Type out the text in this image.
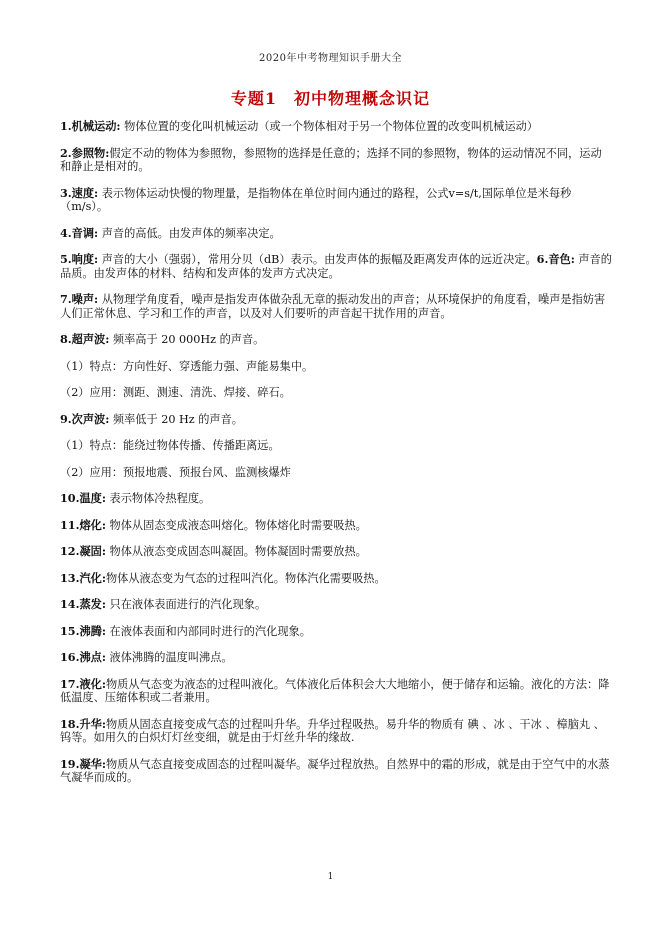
2020年中考物理知识手册大全
专题1　初中物理概念识记
1.机械运动: 物体位置的变化叫机械运动（或一个物体相对于另一个物体位置的改变叫机械运动）
2.参照物:假定不动的物体为参照物，参照物的选择是任意的；选择不同的参照物，物体的运动情况不同，运动和静止是相对的。
3.速度: 表示物体运动快慢的物理量，是指物体在单位时间内通过的路程，公式v=s/t,国际单位是米每秒（m/s）。
4.音调: 声音的高低。由发声体的频率决定。
5.响度: 声音的大小（强弱），常用分贝（dB）表示。由发声体的振幅及距离发声体的远近决定。6.音色: 声音的品质。由发声体的材料、结构和发声体的发声方式决定。
7.噪声: 从物理学角度看，噪声是指发声体做杂乱无章的振动发出的声音；从环境保护的角度看，噪声是指妨害人们正常休息、学习和工作的声音，以及对人们要听的声音起干扰作用的声音。
8.超声波: 频率高于 20 000Hz 的声音。
（1）特点：方向性好、穿透能力强、声能易集中。
（2）应用：测距、测速、清洗、焊接、碎石。
9.次声波: 频率低于 20 Hz 的声音。
（1）特点：能绕过物体传播、传播距离远。
（2）应用：预报地震、预报台风、监测核爆炸
10.温度: 表示物体冷热程度。
11.熔化: 物体从固态变成液态叫熔化。物体熔化时需要吸热。
12.凝固: 物体从液态变成固态叫凝固。物体凝固时需要放热。
13.汽化:物体从液态变为气态的过程叫汽化。物体汽化需要吸热。
14.蒸发: 只在液体表面进行的汽化现象。
15.沸腾: 在液体表面和内部同时进行的汽化现象。
16.沸点: 液体沸腾的温度叫沸点。
17.液化:物质从气态变为液态的过程叫液化。气体液化后体积会大大地缩小，便于储存和运输。液化的方法：降低温度、压缩体积或二者兼用。
18.升华:物质从固态直接变成气态的过程叫升华。升华过程吸热。易升华的物质有 碘 、冰 、干冰 、樟脑丸 、钨等。如用久的白炽灯灯丝变细，就是由于灯丝升华的缘故.
19.凝华:物质从气态直接变成固态的过程叫凝华。凝华过程放热。自然界中的霜的形成，就是由于空气中的水蒸气凝华而成的。
1
